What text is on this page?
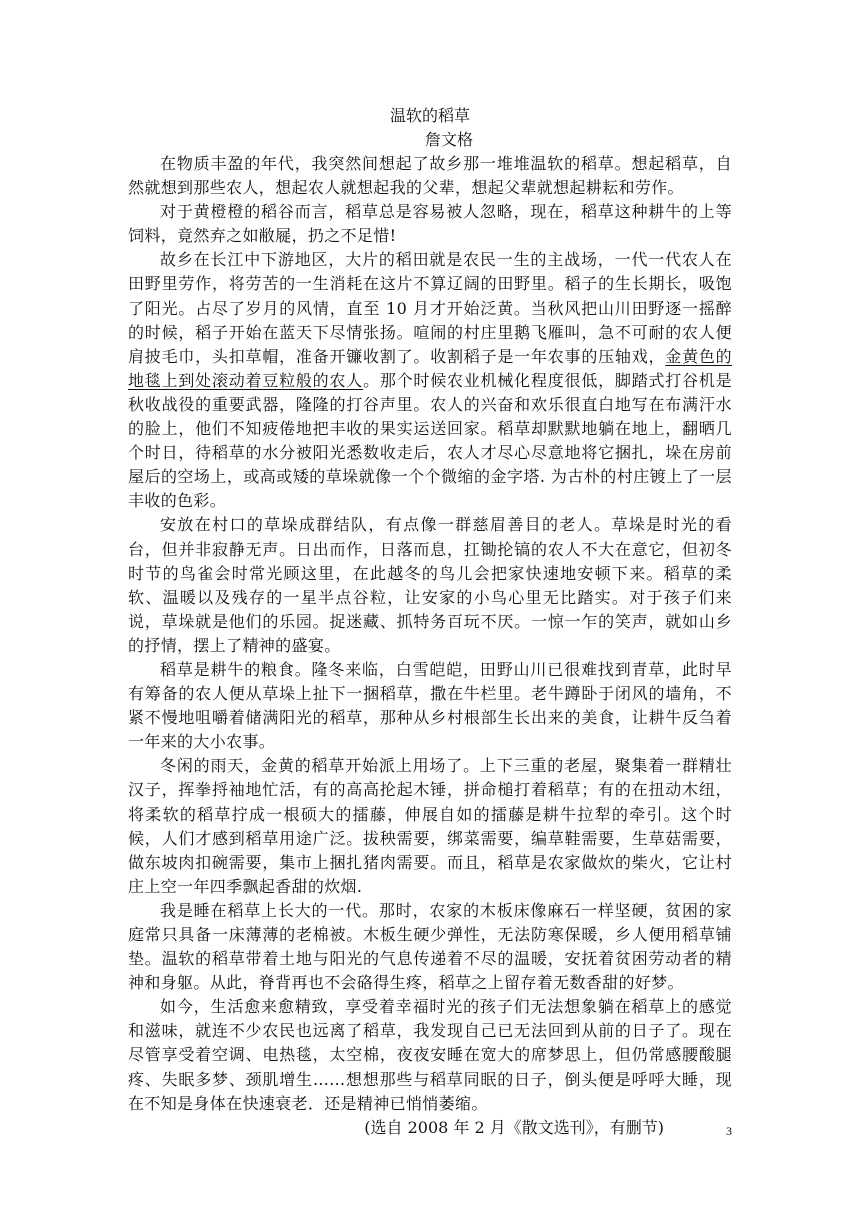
温软的稻草

詹文格

在物质丰盈的年代，我突然间想起了故乡那一堆堆温软的稻草。想起稻草，自然就想到那些农人，想起农人就想起我的父辈，想起父辈就想起耕耘和劳作。

对于黄橙橙的稻谷而言，稻草总是容易被人忽略，现在，稻草这种耕牛的上等饲料，竟然弃之如敝屣，扔之不足惜!

故乡在长江中下游地区，大片的稻田就是农民一生的主战场，一代一代农人在田野里劳作，将劳苦的一生消耗在这片不算辽阔的田野里。稻子的生长期长，吸饱了阳光。占尽了岁月的风情，直至 10 月才开始泛黄。当秋风把山川田野逐一摇醉的时候，稻子开始在蓝天下尽情张扬。喧闹的村庄里鹅飞雁叫，急不可耐的农人便肩披毛巾，头扣草帽，准备开镰收割了。收割稻子是一年农事的压轴戏，金黄色的地毯上到处滚动着豆粒般的农人。那个时候农业机械化程度很低，脚踏式打谷机是秋收战役的重要武器，隆隆的打谷声里。农人的兴奋和欢乐很直白地写在布满汗水的脸上，他们不知疲倦地把丰收的果实运送回家。稻草却默默地躺在地上，翻晒几个时日，待稻草的水分被阳光悉数收走后，农人才尽心尽意地将它捆扎，垛在房前屋后的空场上，或高或矮的草垛就像一个个微缩的金字塔. 为古朴的村庄镀上了一层丰收的色彩。

安放在村口的草垛成群结队，有点像一群慈眉善目的老人。草垛是时光的看台，但并非寂静无声。日出而作，日落而息，扛锄抡镐的农人不大在意它，但初冬时节的鸟雀会时常光顾这里，在此越冬的鸟儿会把家快速地安顿下来。稻草的柔软、温暖以及残存的一星半点谷粒，让安家的小鸟心里无比踏实。对于孩子们来说，草垛就是他们的乐园。捉迷藏、抓特务百玩不厌。一惊一乍的笑声，就如山乡的抒情，摆上了精神的盛宴。

稻草是耕牛的粮食。隆冬来临，白雪皑皑，田野山川已很难找到青草，此时早有筹备的农人便从草垛上扯下一捆稻草，撒在牛栏里。老牛蹲卧于闭风的墙角，不紧不慢地咀嚼着储满阳光的稻草，那种从乡村根部生长出来的美食，让耕牛反刍着一年来的大小农事。

冬闲的雨天，金黄的稻草开始派上用场了。上下三重的老屋，聚集着一群精壮汉子，挥拳捋袖地忙活，有的高高抡起木锤，拼命槌打着稻草；有的在扭动木纽，将柔软的稻草拧成一根硕大的擂藤，伸展自如的擂藤是耕牛拉犁的牵引。这个时候，人们才感到稻草用途广泛。拔秧需要，绑菜需要，编草鞋需要，生草菇需要，做东坡肉扣碗需要，集市上捆扎猪肉需要。而且，稻草是农家做炊的柴火，它让村庄上空一年四季飘起香甜的炊烟.

我是睡在稻草上长大的一代。那时，农家的木板床像麻石一样坚硬，贫困的家庭常只具备一床薄薄的老棉被。木板生硬少弹性，无法防寒保暖，乡人便用稻草铺垫。温软的稻草带着土地与阳光的气息传递着不尽的温暖，安抚着贫困劳动者的精神和身躯。从此，脊背再也不会硌得生疼，稻草之上留存着无数香甜的好梦。

如今，生活愈来愈精致，享受着幸福时光的孩子们无法想象躺在稻草上的感觉和滋味，就连不少农民也远离了稻草，我发现自己已无法回到从前的日子了。现在尽管享受着空调、电热毯，太空棉，夜夜安睡在宽大的席梦思上，但仍常感腰酸腿疼、失眠多梦、颈肌增生……想想那些与稻草同眠的日子，倒头便是呼呼大睡，现在不知是身体在快速衰老．还是精神已悄悄萎缩。

(选自 2008 年 2 月《散文选刊》，有删节)	3
